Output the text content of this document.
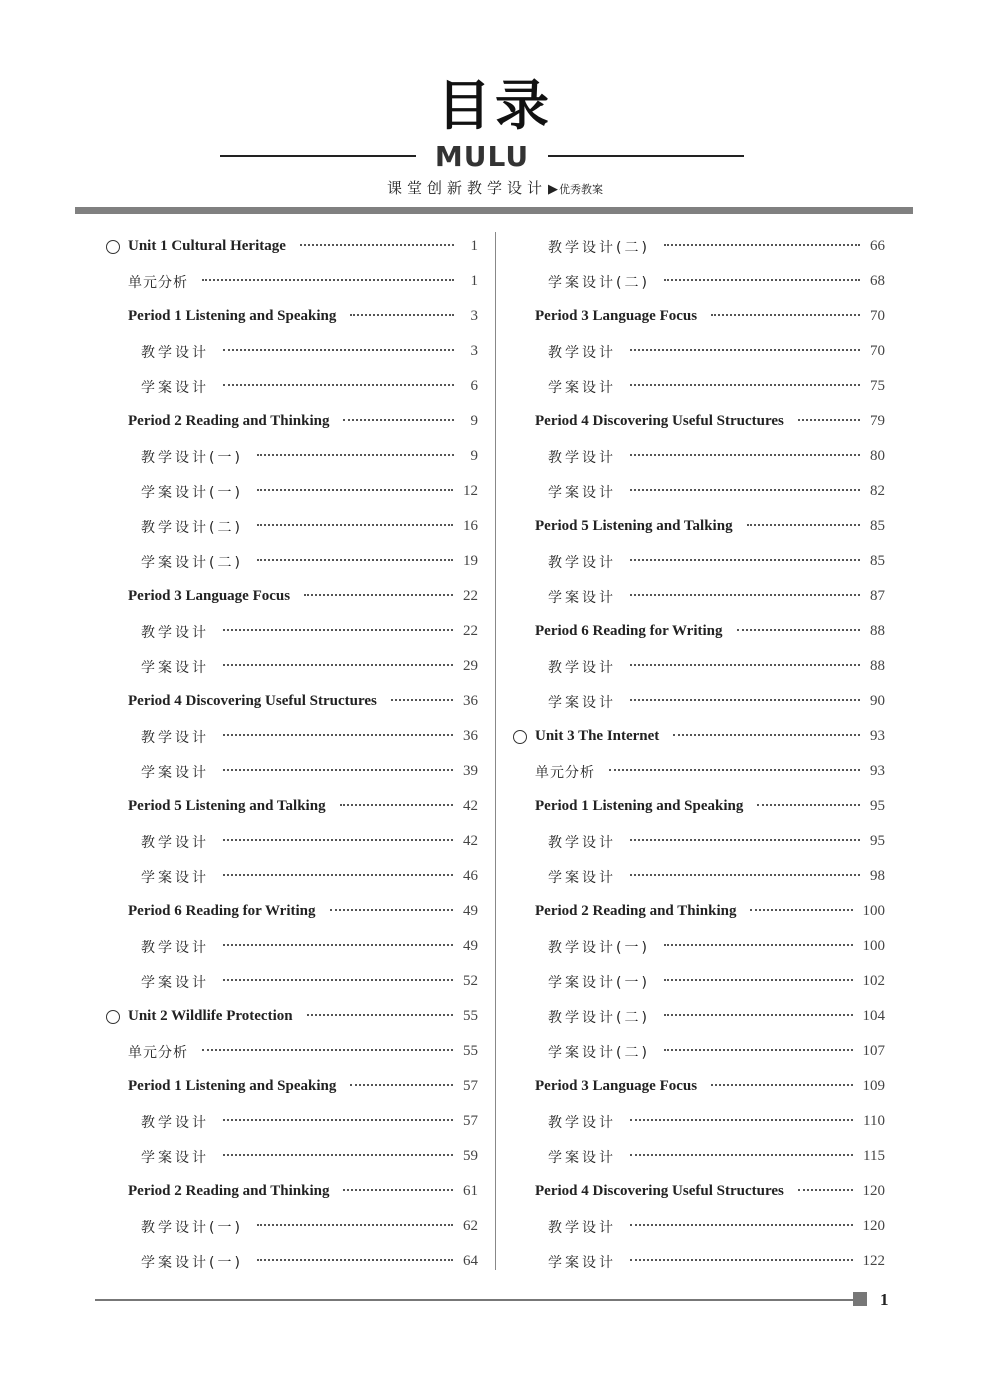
目录
MULU
课堂创新教学设计▶优秀教案
Unit 1 Cultural Heritage	1
单元分析	1
Period 1 Listening and Speaking	3
教学设计	3
学案设计	6
Period 2 Reading and Thinking	9
教学设计(一)	9
学案设计(一)	12
教学设计(二)	16
学案设计(二)	19
Period 3 Language Focus	22
教学设计	22
学案设计	29
Period 4 Discovering Useful Structures	36
教学设计	36
学案设计	39
Period 5 Listening and Talking	42
教学设计	42
学案设计	46
Period 6 Reading for Writing	49
教学设计	49
学案设计	52
Unit 2 Wildlife Protection	55
单元分析	55
Period 1 Listening and Speaking	57
教学设计	57
学案设计	59
Period 2 Reading and Thinking	61
教学设计(一)	62
学案设计(一)	64
教学设计(二)	66
学案设计(二)	68
Period 3 Language Focus	70
教学设计	70
学案设计	75
Period 4 Discovering Useful Structures	79
教学设计	80
学案设计	82
Period 5 Listening and Talking	85
教学设计	85
学案设计	87
Period 6 Reading for Writing	88
教学设计	88
学案设计	90
Unit 3 The Internet	93
单元分析	93
Period 1 Listening and Speaking	95
教学设计	95
学案设计	98
Period 2 Reading and Thinking	100
教学设计(一)	100
学案设计(一)	102
教学设计(二)	104
学案设计(二)	107
Period 3 Language Focus	109
教学设计	110
学案设计	115
Period 4 Discovering Useful Structures	120
教学设计	120
学案设计	122
1
